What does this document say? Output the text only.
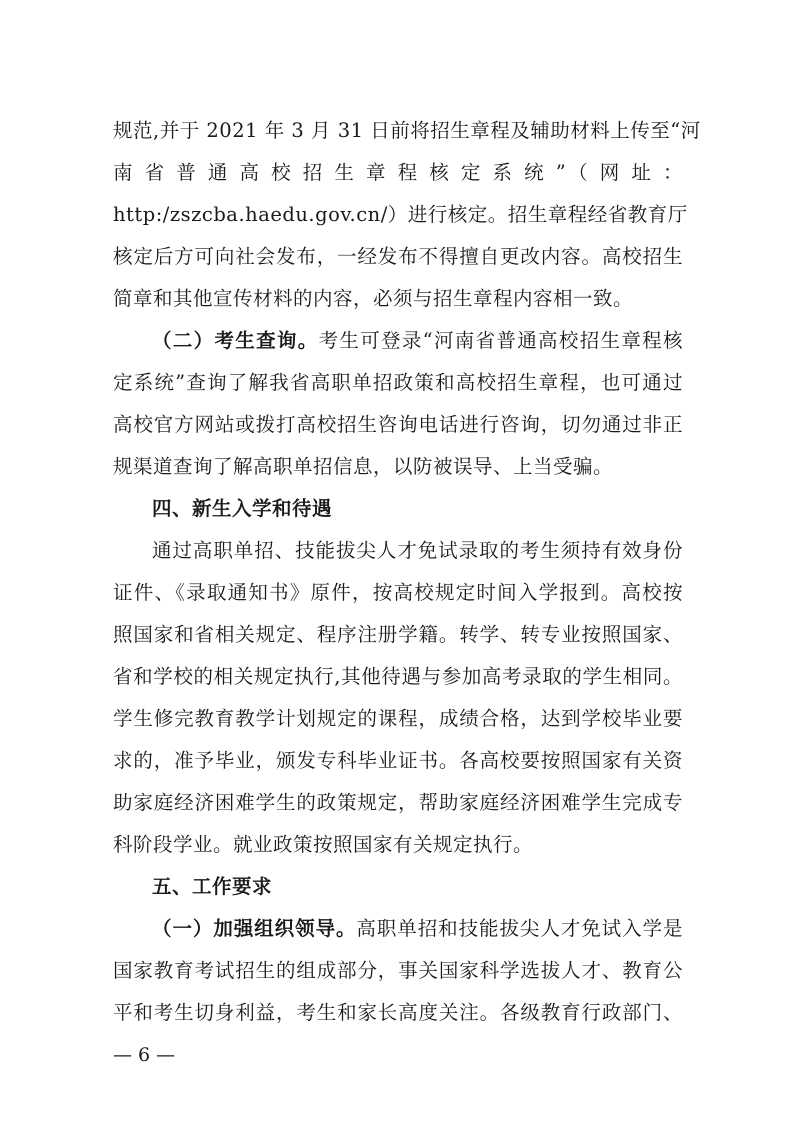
规范,并于 2021 年 3 月 31 日前将招生章程及辅助材料上传至“河
南省普通高校招生章程核定系统”（网址：
http:/zszcba.haedu.gov.cn/）进行核定。招生章程经省教育厅
核定后方可向社会发布，一经发布不得擅自更改内容。高校招生
简章和其他宣传材料的内容，必须与招生章程内容相一致。
（二）考生查询。考生可登录“河南省普通高校招生章程核
定系统”查询了解我省高职单招政策和高校招生章程，也可通过
高校官方网站或拨打高校招生咨询电话进行咨询，切勿通过非正
规渠道查询了解高职单招信息，以防被误导、上当受骗。
四、新生入学和待遇
通过高职单招、技能拔尖人才免试录取的考生须持有效身份
证件、《录取通知书》原件，按高校规定时间入学报到。高校按
照国家和省相关规定、程序注册学籍。转学、转专业按照国家、
省和学校的相关规定执行,其他待遇与参加高考录取的学生相同。
学生修完教育教学计划规定的课程，成绩合格，达到学校毕业要
求的，准予毕业，颁发专科毕业证书。各高校要按照国家有关资
助家庭经济困难学生的政策规定，帮助家庭经济困难学生完成专
科阶段学业。就业政策按照国家有关规定执行。
五、工作要求
（一）加强组织领导。高职单招和技能拔尖人才免试入学是
国家教育考试招生的组成部分，事关国家科学选拔人才、教育公
平和考生切身利益，考生和家长高度关注。各级教育行政部门、
— 6 —
